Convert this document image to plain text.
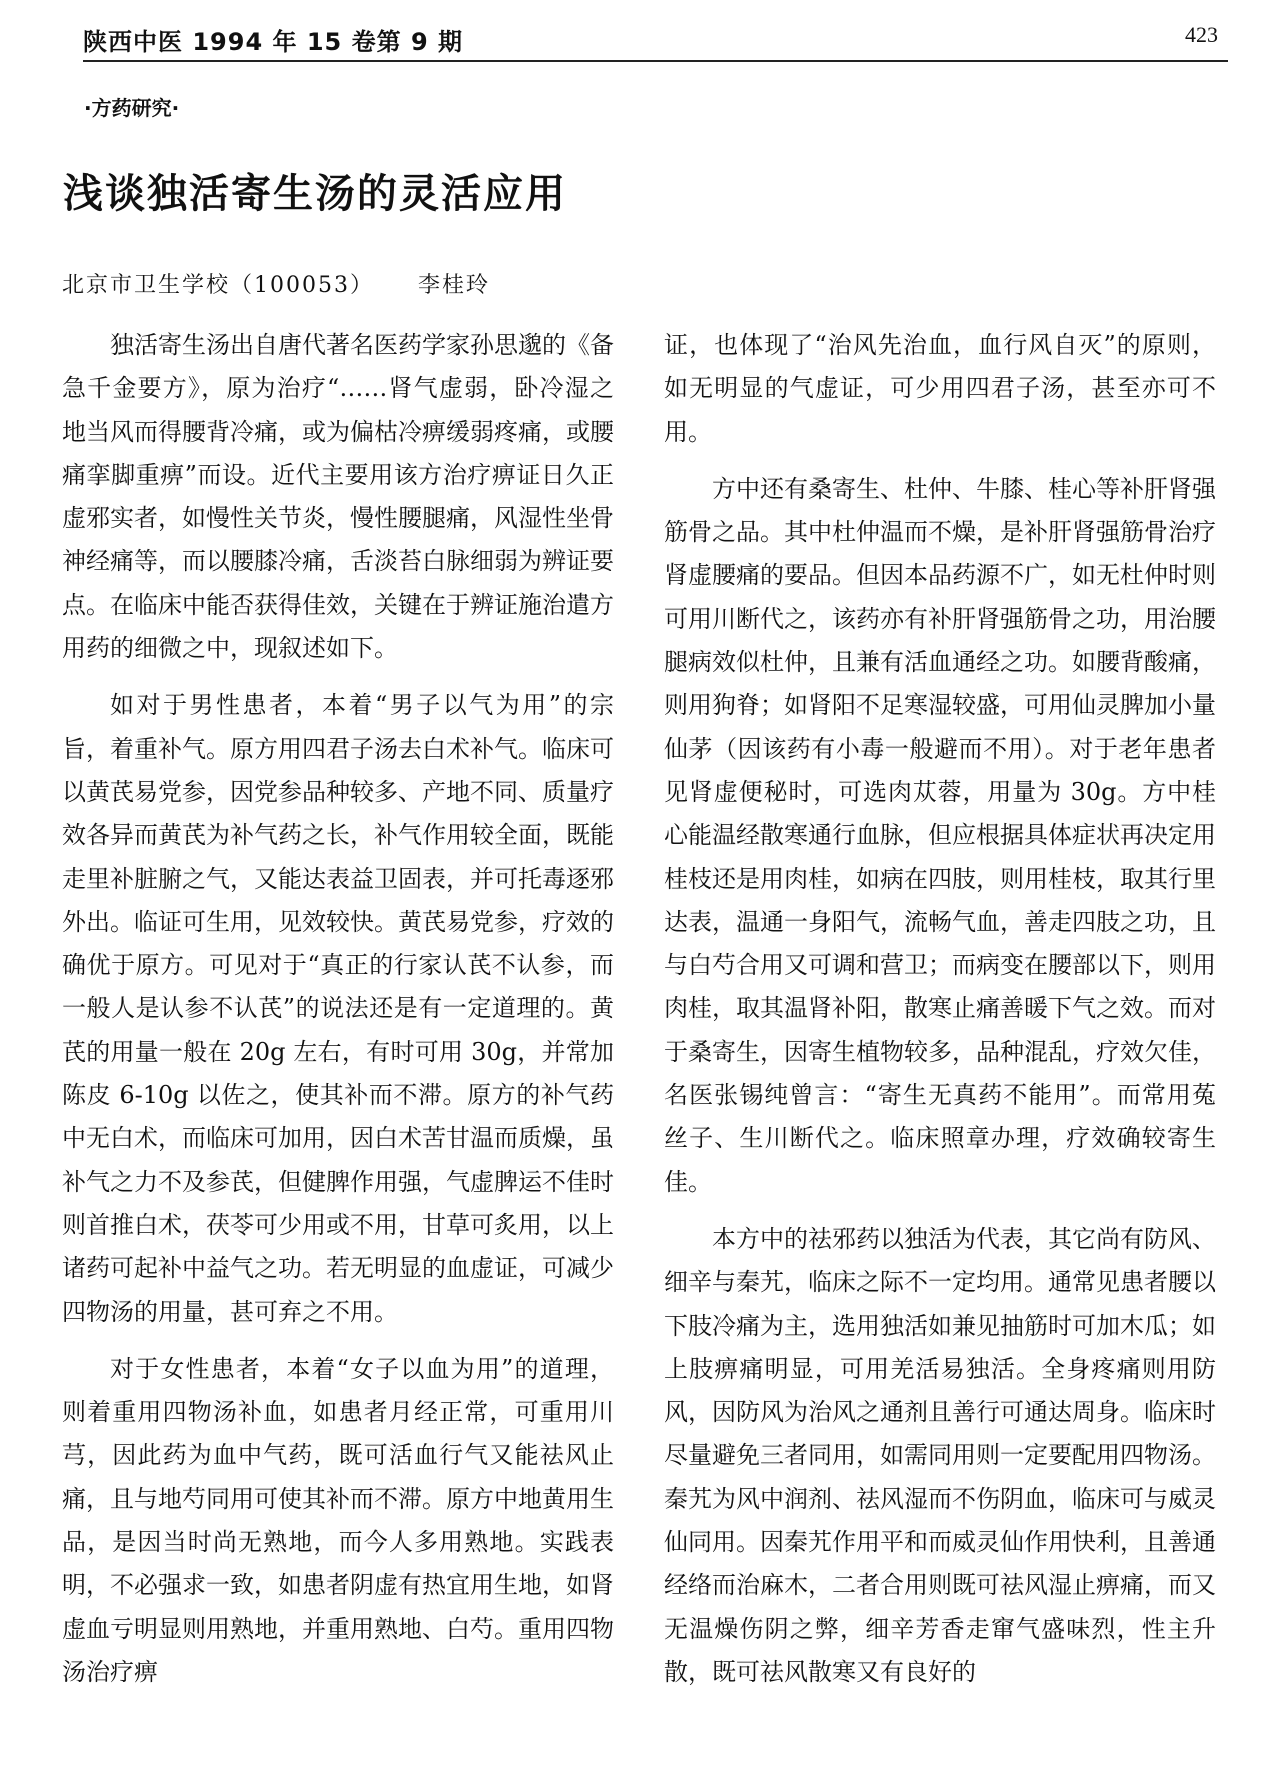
陕西中医 1994 年 15 卷第 9 期	423
·方药研究·
浅谈独活寄生汤的灵活应用
北京市卫生学校（100053） 李桂玲

独活寄生汤出自唐代著名医药学家孙思邈的《备急千金要方》，原为治疗“……肾气虚弱，卧冷湿之地当风而得腰背冷痛，或为偏枯冷痹缓弱疼痛，或腰痛挛脚重痹”而设。近代主要用该方治疗痹证日久正虚邪实者，如慢性关节炎，慢性腰腿痛，风湿性坐骨神经痛等，而以腰膝冷痛，舌淡苔白脉细弱为辨证要点。在临床中能否获得佳效，关键在于辨证施治遣方用药的细微之中，现叙述如下。

如对于男性患者，本着“男子以气为用”的宗旨，着重补气。原方用四君子汤去白术补气。临床可以黄芪易党参，因党参品种较多、产地不同、质量疗效各异而黄芪为补气药之长，补气作用较全面，既能走里补脏腑之气，又能达表益卫固表，并可托毒逐邪外出。临证可生用，见效较快。黄芪易党参，疗效的确优于原方。可见对于“真正的行家认芪不认参，而一般人是认参不认芪”的说法还是有一定道理的。黄芪的用量一般在 20g 左右，有时可用 30g，并常加陈皮 6-10g 以佐之，使其补而不滞。原方的补气药中无白术，而临床可加用，因白术苦甘温而质燥，虽补气之力不及参芪，但健脾作用强，气虚脾运不佳时则首推白术，茯苓可少用或不用，甘草可炙用，以上诸药可起补中益气之功。若无明显的血虚证，可减少四物汤的用量，甚可弃之不用。

对于女性患者，本着“女子以血为用”的道理，则着重用四物汤补血，如患者月经正常，可重用川芎，因此药为血中气药，既可活血行气又能祛风止痛，且与地芍同用可使其补而不滞。原方中地黄用生品，是因当时尚无熟地，而今人多用熟地。实践表明，不必强求一致，如患者阴虚有热宜用生地，如肾虚血亏明显则用熟地，并重用熟地、白芍。重用四物汤治疗痹

证，也体现了“治风先治血，血行风自灭”的原则，如无明显的气虚证，可少用四君子汤，甚至亦可不用。

方中还有桑寄生、杜仲、牛膝、桂心等补肝肾强筋骨之品。其中杜仲温而不燥，是补肝肾强筋骨治疗肾虚腰痛的要品。但因本品药源不广，如无杜仲时则可用川断代之，该药亦有补肝肾强筋骨之功，用治腰腿病效似杜仲，且兼有活血通经之功。如腰背酸痛，则用狗脊；如肾阳不足寒湿较盛，可用仙灵脾加小量仙茅（因该药有小毒一般避而不用）。对于老年患者见肾虚便秘时，可选肉苁蓉，用量为 30g。方中桂心能温经散寒通行血脉，但应根据具体症状再决定用桂枝还是用肉桂，如病在四肢，则用桂枝，取其行里达表，温通一身阳气，流畅气血，善走四肢之功，且与白芍合用又可调和营卫；而病变在腰部以下，则用肉桂，取其温肾补阳，散寒止痛善暖下气之效。而对于桑寄生，因寄生植物较多，品种混乱，疗效欠佳，名医张锡纯曾言：“寄生无真药不能用”。而常用菟丝子、生川断代之。临床照章办理，疗效确较寄生佳。

本方中的祛邪药以独活为代表，其它尚有防风、细辛与秦艽，临床之际不一定均用。通常见患者腰以下肢冷痛为主，选用独活如兼见抽筋时可加木瓜；如上肢痹痛明显，可用羌活易独活。全身疼痛则用防风，因防风为治风之通剂且善行可通达周身。临床时尽量避免三者同用，如需同用则一定要配用四物汤。秦艽为风中润剂、祛风湿而不伤阴血，临床可与威灵仙同用。因秦艽作用平和而威灵仙作用快利，且善通经络而治麻木，二者合用则既可祛风湿止痹痛，而又无温燥伤阴之弊，细辛芳香走窜气盛味烈，性主升散，既可祛风散寒又有良好的
